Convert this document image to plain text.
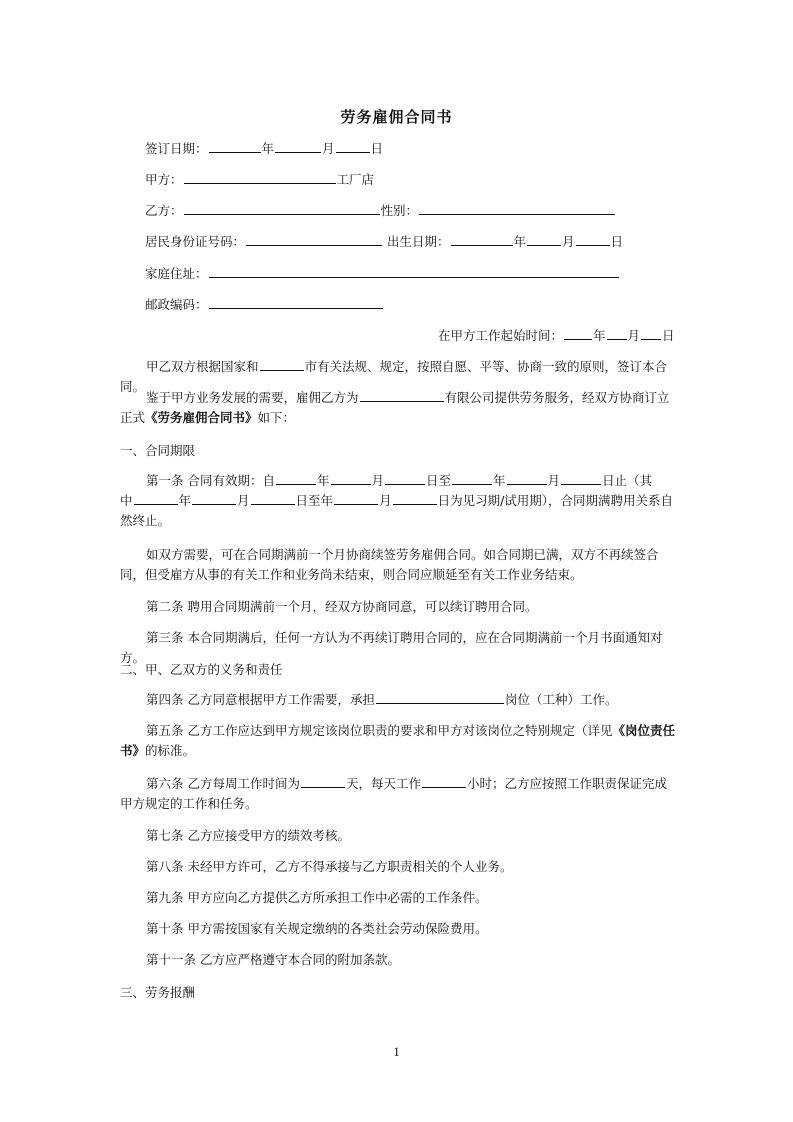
劳务雇佣合同书
签订日期：	年	月	日
甲方：	工厂店
乙方：	性别：
居民身份证号码：	出生日期：	年	月	日
家庭住址：
邮政编码：
在甲方工作起始时间： 年 月 日
甲乙双方根据国家和	市有关法规、规定，按照自愿、平等、协商一致的原则，签订本合同。
鉴于甲方业务发展的需要，雇佣乙方为	有限公司提供劳务服务，经双方协商订立正式《劳务雇佣合同书》如下：
一、合同期限
第一条 合同有效期：自	年	月	日至	年	月	日止（其
中	年	月	日至年	月	日为见习期/试用期），合同期满聘用关系自
然终止。
如双方需要，可在合同期满前一个月协商续签劳务雇佣合同。如合同期已满，双方不再续签合同，但受雇方从事的有关工作和业务尚未结束，则合同应顺延至有关工作业务结束。
第二条 聘用合同期满前一个月，经双方协商同意，可以续订聘用合同。
第三条 本合同期满后，任何一方认为不再续订聘用合同的，应在合同期满前一个月书面通知对方。
二、甲、乙双方的义务和责任
第四条 乙方同意根据甲方工作需要，承担	岗位（工种）工作。
第五条 乙方工作应达到甲方规定该岗位职责的要求和甲方对该岗位之特别规定（详见《岗位责任书》的标准。
第六条 乙方每周工作时间为	天，每天工作	小时；乙方应按照工作职责保证完成甲方规定的工作和任务。
第七条 乙方应接受甲方的绩效考核。
第八条 未经甲方许可，乙方不得承接与乙方职责相关的个人业务。
第九条 甲方应向乙方提供乙方所承担工作中必需的工作条件。
第十条 甲方需按国家有关规定缴纳的各类社会劳动保险费用。
第十一条 乙方应严格遵守本合同的附加条款。
三、劳务报酬
1
